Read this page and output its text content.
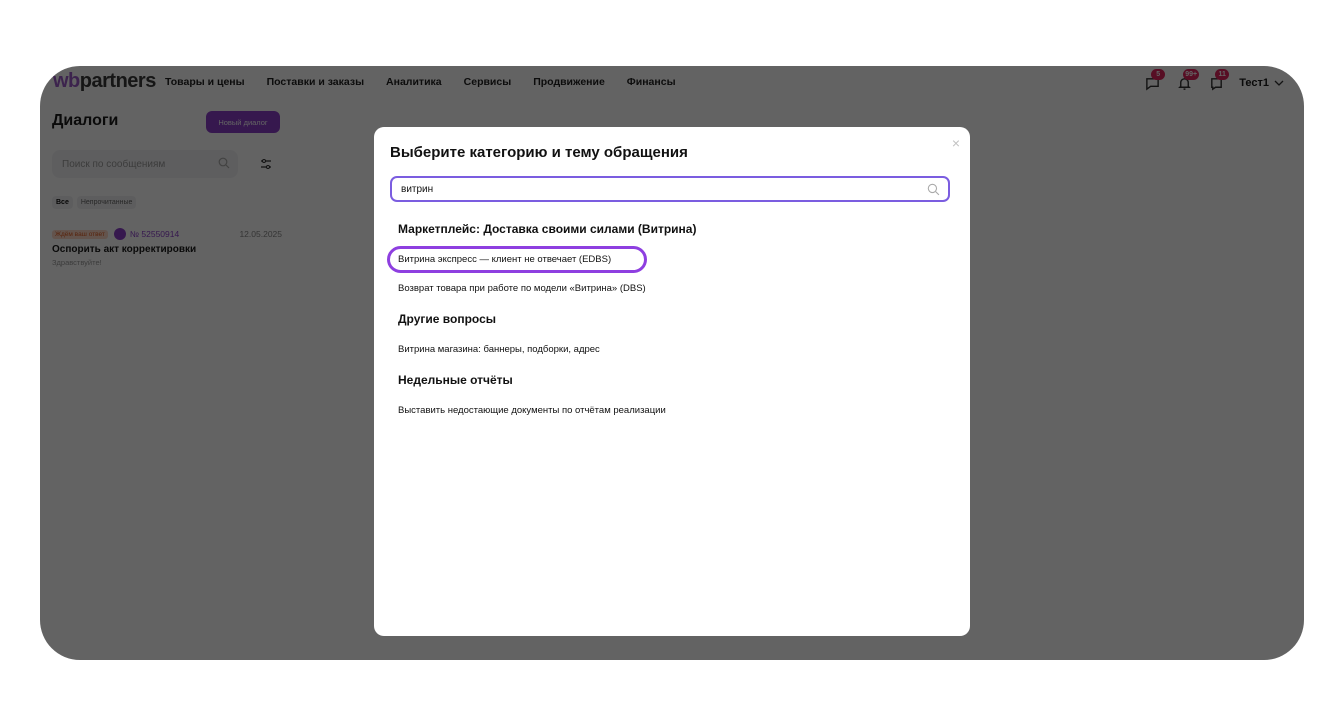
×
Выберите категорию и тему обращения
витрин
Маркетплейс: Доставка своими силами (Витрина)
Витрина экспресс — клиент не отвечает (EDBS)
Возврат товара при работе по модели «Витрина» (DBS)
Другие вопросы
Витрина магазина: баннеры, подборки, адрес
Недельные отчёты
Выставить недостающие документы по отчётам реализации
